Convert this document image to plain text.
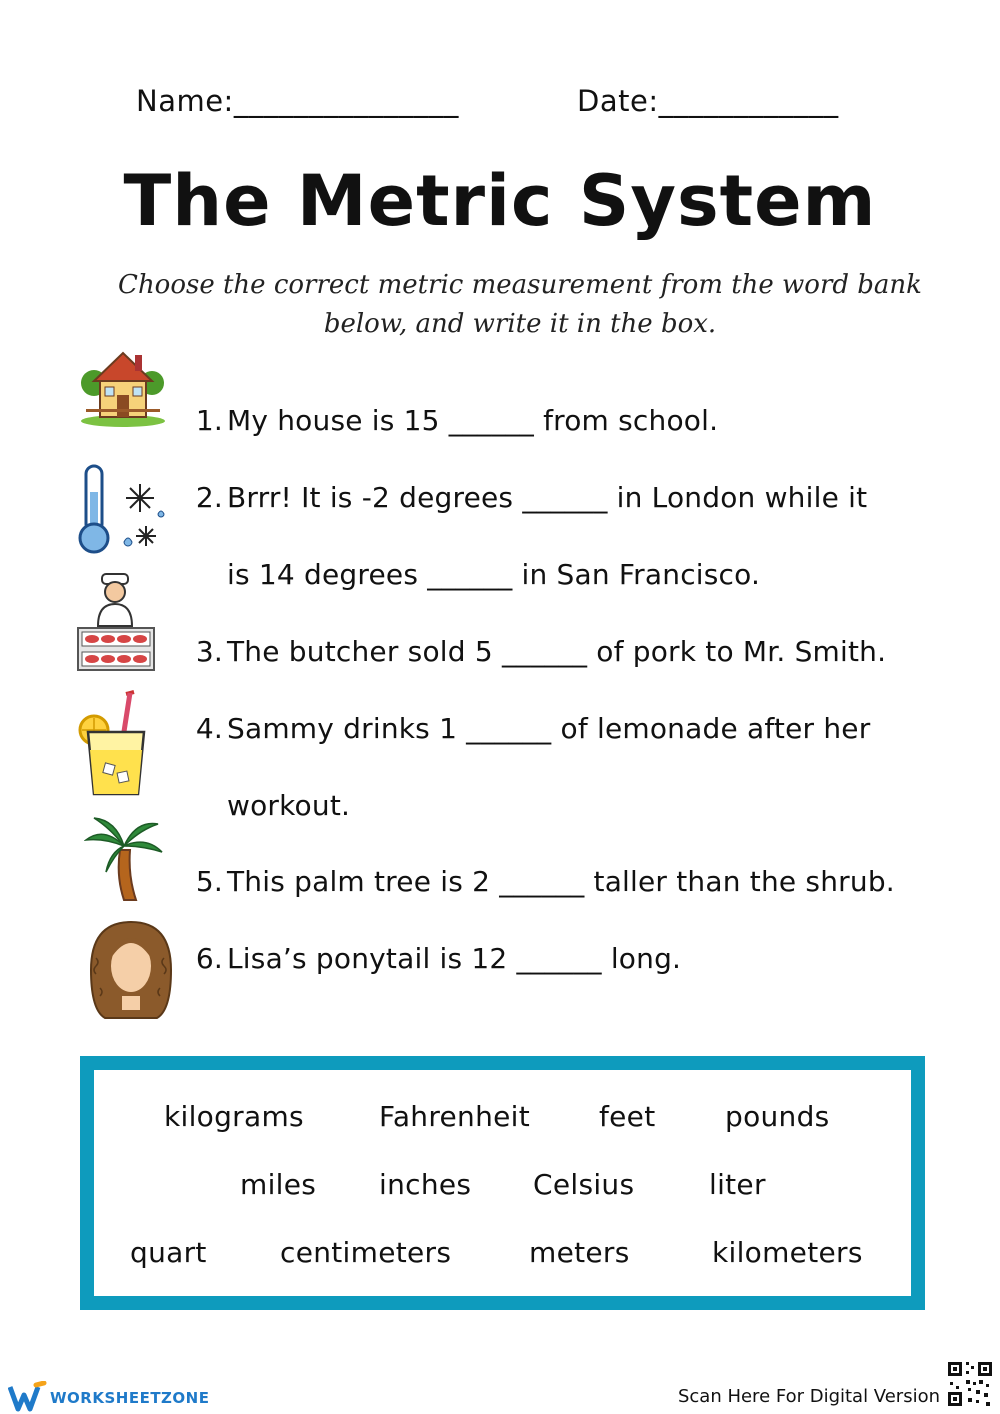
Name:_______________	Date:____________
The Metric System
Choose the correct metric measurement from the word bank below, and write it in the box.
1. My house is 15 ______ from school.
2. Brrr! It is -2 degrees ______ in London while it
is 14 degrees ______ in San Francisco.
3. The butcher sold 5 ______ of pork to Mr. Smith.
4. Sammy drinks 1 ______ of lemonade after her
workout.
5. This palm tree is 2 ______ taller than the shrub.
6. Lisa’s ponytail is 12 ______ long.
kilograms	Fahrenheit feet pounds
miles inches Celsius	liter
quart	centimeters	meters	kilometers
WORKSHEETZONE	Scan Here For Digital Version
